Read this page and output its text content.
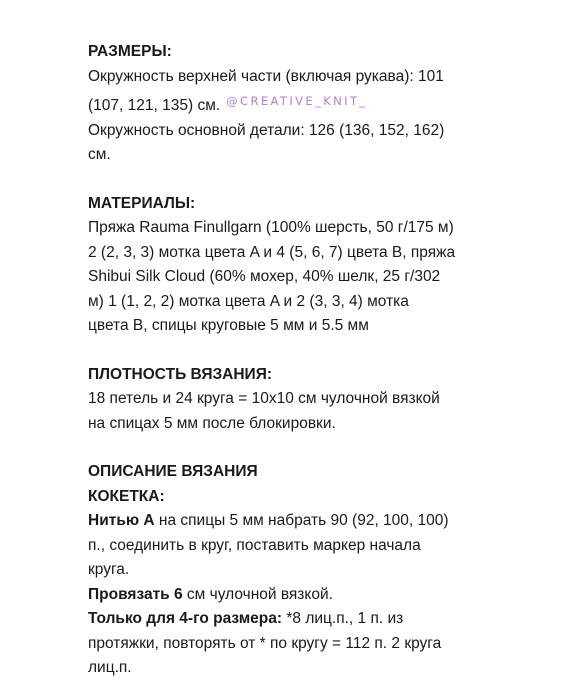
РАЗМЕРЫ:
Окружность верхней части (включая рукава): 101
(107, 121, 135) см. @CREATIVE_KNIT_
Окружность основной детали: 126 (136, 152, 162)
см.
МАТЕРИАЛЫ:
Пряжа Rauma Finullgarn (100% шерсть, 50 г/175 м)
2 (2, 3, 3) мотка цвета A и 4 (5, 6, 7) цвета B, пряжа
Shibui Silk Cloud (60% мохер, 40% шелк, 25 г/302
м) 1 (1, 2, 2) мотка цвета A и 2 (3, 3, 4) мотка
цвета B, спицы круговые 5 мм и 5.5 мм
ПЛОТНОСТЬ ВЯЗАНИЯ:
18 петель и 24 круга = 10x10 см чулочной вязкой
на спицах 5 мм после блокировки.
ОПИСАНИЕ ВЯЗАНИЯ
КОКЕТКА:
Нитью A на спицы 5 мм набрать 90 (92, 100, 100)
п., соединить в круг, поставить маркер начала
круга.
Провязать 6 см чулочной вязкой.
Только для 4-го размера: *8 лиц.п., 1 п. из
протяжки, повторять от * по кругу = 112 п. 2 круга
лиц.п.
